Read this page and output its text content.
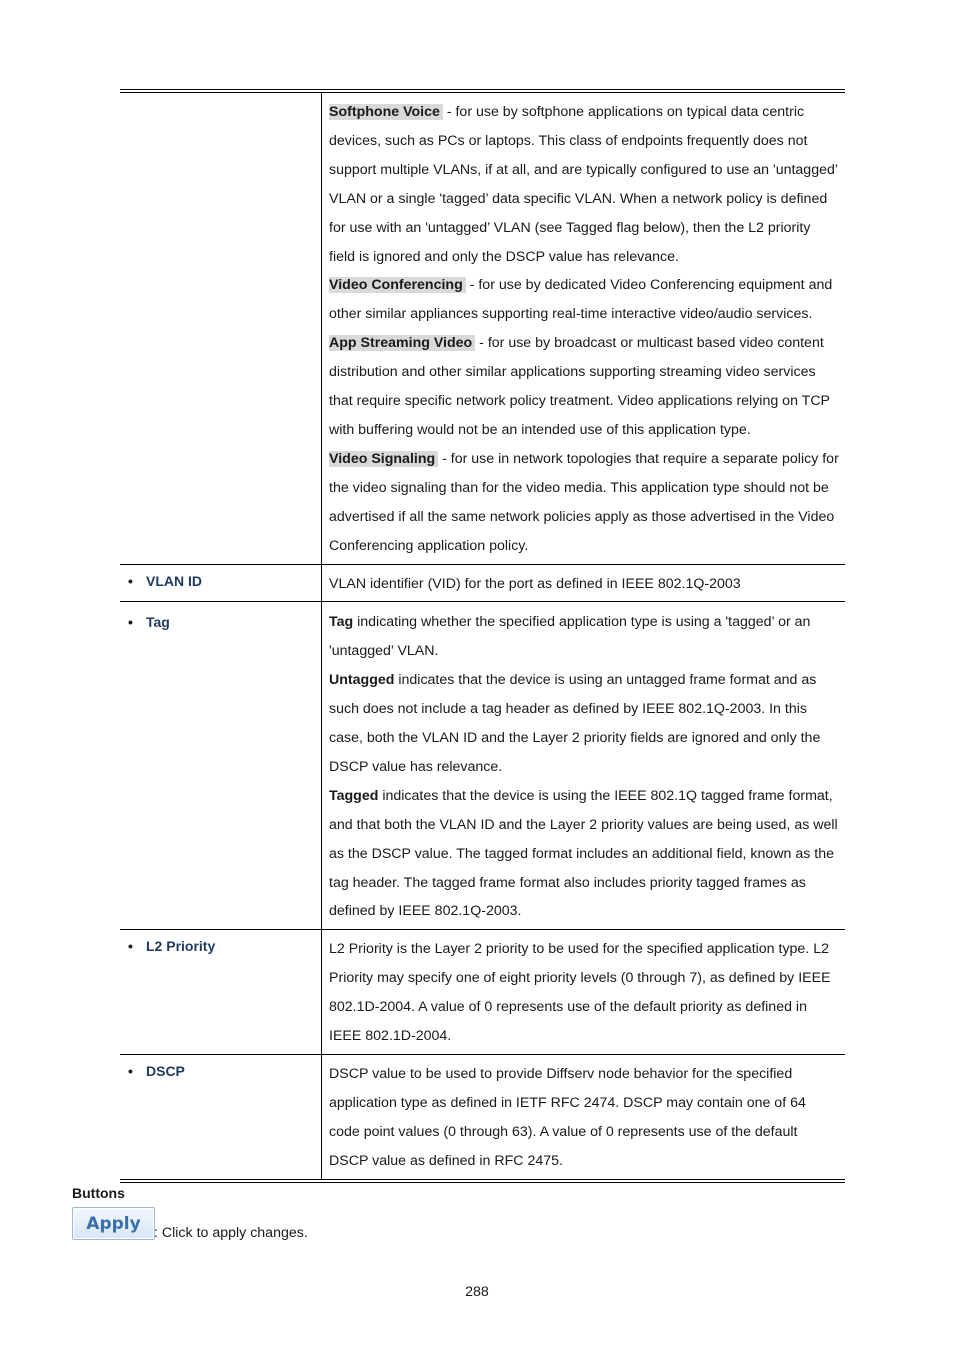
	Softphone Voice - for use by softphone applications on typical data centric devices, such as PCs or laptops. This class of endpoints frequently does not support multiple VLANs, if at all, and are typically configured to use an 'untagged’ VLAN or a single 'tagged’ data specific VLAN. When a network policy is defined for use with an 'untagged’ VLAN (see Tagged flag below), then the L2 priority field is ignored and only the DSCP value has relevance.
Video Conferencing - for use by dedicated Video Conferencing equipment and other similar appliances supporting real-time interactive video/audio services.
App Streaming Video - for use by broadcast or multicast based video content distribution and other similar applications supporting streaming video services that require specific network policy treatment. Video applications relying on TCP with buffering would not be an intended use of this application type.
Video Signaling - for use in network topologies that require a separate policy for the video signaling than for the video media. This application type should not be advertised if all the same network policies apply as those advertised in the Video Conferencing application policy.

• VLAN ID	VLAN identifier (VID) for the port as defined in IEEE 802.1Q-2003

• Tag	Tag indicating whether the specified application type is using a 'tagged’ or an 'untagged’ VLAN.
Untagged indicates that the device is using an untagged frame format and as such does not include a tag header as defined by IEEE 802.1Q-2003. In this case, both the VLAN ID and the Layer 2 priority fields are ignored and only the DSCP value has relevance.
Tagged indicates that the device is using the IEEE 802.1Q tagged frame format, and that both the VLAN ID and the Layer 2 priority values are being used, as well as the DSCP value. The tagged format includes an additional field, known as the tag header. The tagged frame format also includes priority tagged frames as defined by IEEE 802.1Q-2003.

• L2 Priority	L2 Priority is the Layer 2 priority to be used for the specified application type. L2 Priority may specify one of eight priority levels (0 through 7), as defined by IEEE 802.1D-2004. A value of 0 represents use of the default priority as defined in IEEE 802.1D-2004.

• DSCP	DSCP value to be used to provide Diffserv node behavior for the specified application type as defined in IETF RFC 2474. DSCP may contain one of 64 code point values (0 through 63). A value of 0 represents use of the default DSCP value as defined in RFC 2475.
Buttons
Apply : Click to apply changes.
288
